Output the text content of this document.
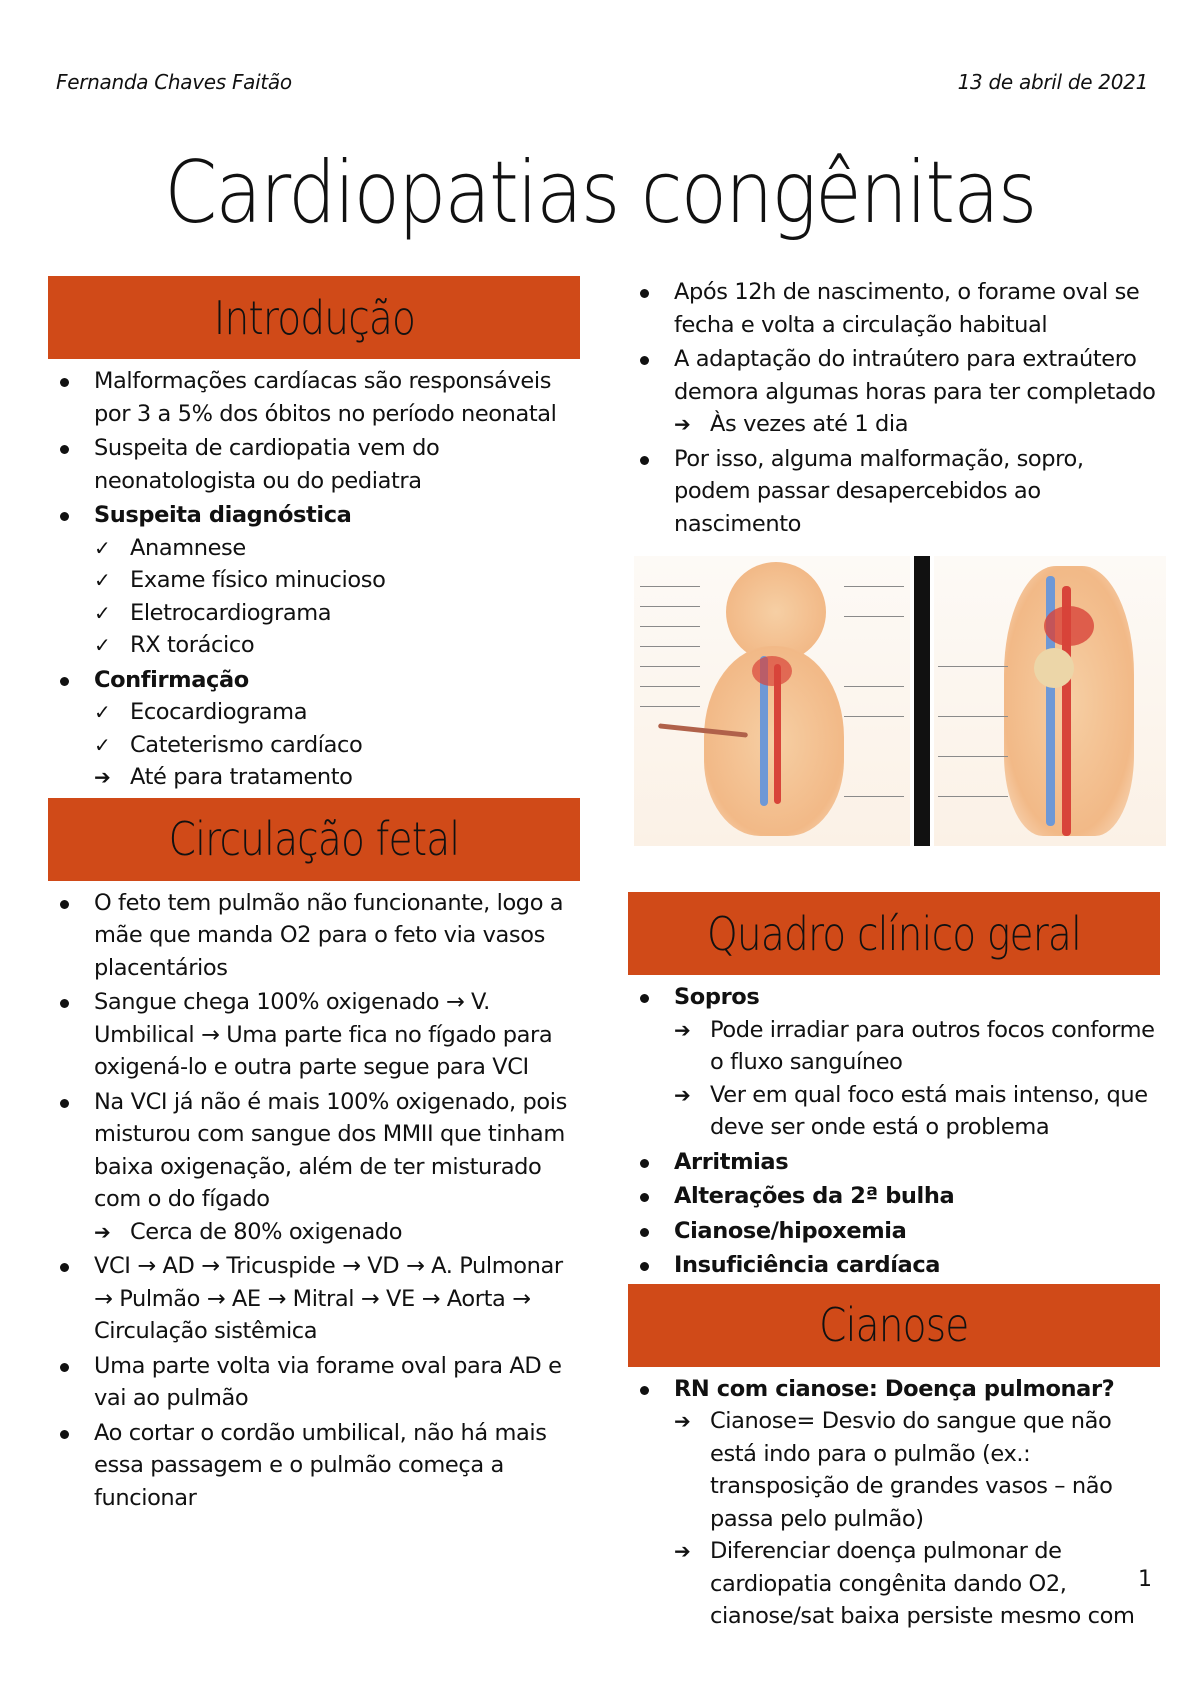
Fernanda Chaves Faitão	13 de abril de 2021
Cardiopatias congênitas
Introdução
Malformações cardíacas são responsáveis por 3 a 5% dos óbitos no período neonatal
Suspeita de cardiopatia vem do neonatologista ou do pediatra
Suspeita diagnóstica
✓ Anamnese
✓ Exame físico minucioso
✓ Eletrocardiograma
✓ RX torácico
Confirmação
✓ Ecocardiograma
✓ Cateterismo cardíaco
➔ Até para tratamento
Circulação fetal
O feto tem pulmão não funcionante, logo a mãe que manda O2 para o feto via vasos placentários
Sangue chega 100% oxigenado → V. Umbilical → Uma parte fica no fígado para oxigená-lo e outra parte segue para VCI
Na VCI já não é mais 100% oxigenado, pois misturou com sangue dos MMII que tinham baixa oxigenação, além de ter misturado com o do fígado
➔ Cerca de 80% oxigenado
VCI → AD → Tricuspide → VD → A. Pulmonar → Pulmão → AE → Mitral → VE → Aorta → Circulação sistêmica
Uma parte volta via forame oval para AD e vai ao pulmão
Ao cortar o cordão umbilical, não há mais essa passagem e o pulmão começa a funcionar
Após 12h de nascimento, o forame oval se fecha e volta a circulação habitual
A adaptação do intraútero para extraútero demora algumas horas para ter completado
➔ Às vezes até 1 dia
Por isso, alguma malformação, sopro, podem passar desapercebidos ao nascimento
Quadro clínico geral
Sopros
➔ Pode irradiar para outros focos conforme o fluxo sanguíneo
➔ Ver em qual foco está mais intenso, que deve ser onde está o problema
Arritmias
Alterações da 2ª bulha
Cianose/hipoxemia
Insuficiência cardíaca
Cianose
RN com cianose: Doença pulmonar?
➔ Cianose= Desvio do sangue que não está indo para o pulmão (ex.: transposição de grandes vasos – não passa pelo pulmão)
➔ Diferenciar doença pulmonar de cardiopatia congênita dando O2, cianose/sat baixa persiste mesmo com
1
